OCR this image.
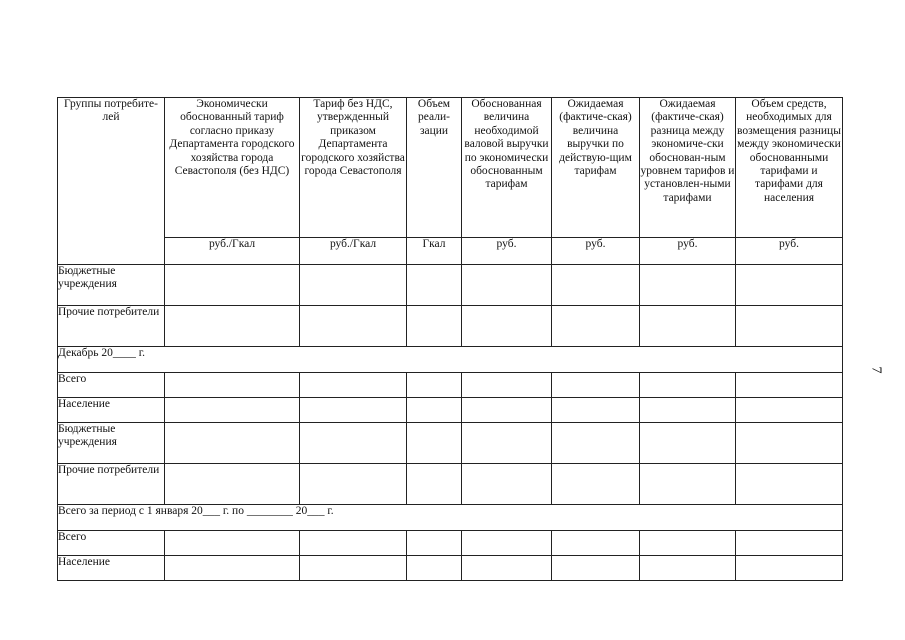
7
Группы потребите-лей	Экономически обоснованный тариф согласно приказу Департамента городского хозяйства города Севастополя (без НДС)	Тариф без НДС, утвержденный приказом Департамента городского хозяйства города Севастополя	Объем реали-зации	Обоснованная величина необходимой валовой выручки по экономически обоснованным тарифам	Ожидаемая (фактиче-ская) величина выручки по действую-щим тарифам	Ожидаемая (фактиче-ская) разница между экономиче-ски обоснован-ным уровнем тарифов и установлен-ными тарифами	Объем средств, необходимых для возмещения разницы между экономически обоснованными тарифами и тарифами для населения
	руб./Гкал	руб./Гкал	Гкал	руб.	руб.	руб.	руб.
Бюджетные учреждения							
Прочие потребители							
Декабрь 20____ г.							
Всего							
Население							
Бюджетные учреждения							
Прочие потребители							
Всего за период с 1 января 20___ г. по ________ 20___ г.							
Всего							
Население							
